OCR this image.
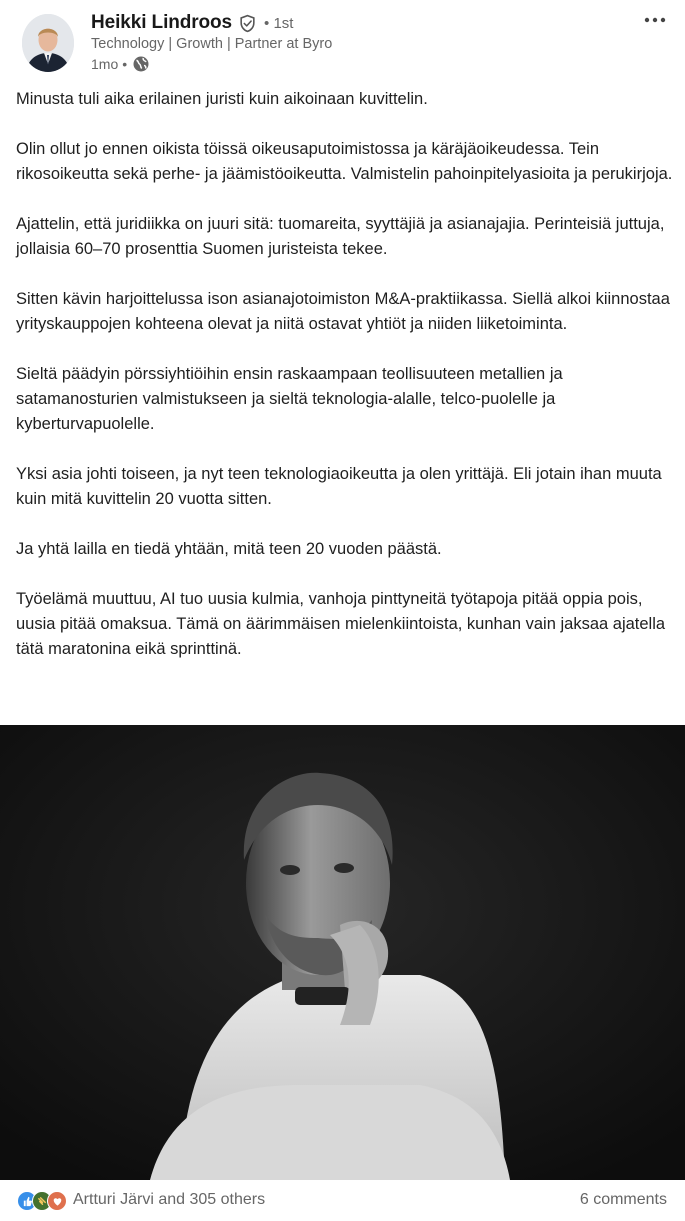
Heikki Lindroos • 1st
Technology | Growth | Partner at Byro
1mo •

Minusta tuli aika erilainen juristi kuin aikoinaan kuvittelin.

Olin ollut jo ennen oikista töissä oikeusaputoimistossa ja käräjäoikeudessa. Tein rikosoikeutta sekä perhe- ja jäämistöoikeutta. Valmistelin pahoinpitelyasioita ja perukirjoja.

Ajattelin, että juridiikka on juuri sitä: tuomareita, syyttäjiä ja asianajajia. Perinteisiä juttuja, jollaisia 60–70 prosenttia Suomen juristeista tekee.

Sitten kävin harjoittelussa ison asianajotoimiston M&A-praktiikassa. Siellä alkoi kiinnostaa yrityskauppojen kohteena olevat ja niitä ostavat yhtiöt ja niiden liiketoiminta.

Sieltä päädyin pörssiyhtiöihin ensin raskaampaan teollisuuteen metallien ja satamanosturien valmistukseen ja sieltä teknologia-alalle, telco-puolelle ja kyberturvapuolelle.

Yksi asia johti toiseen, ja nyt teen teknologiaoikeutta ja olen yrittäjä. Eli jotain ihan muuta kuin mitä kuvittelin 20 vuotta sitten.

Ja yhtä lailla en tiedä yhtään, mitä teen 20 vuoden päästä.

Työelämä muuttuu, AI tuo uusia kulmia, vanhoja pinttyneitä työtapoja pitää oppia pois, uusia pitää omaksua. Tämä on äärimmäisen mielenkiintoista, kunhan vain jaksaa ajatella tätä maratonina eikä sprinttinä.

Artturi Järvi and 305 others	6 comments
